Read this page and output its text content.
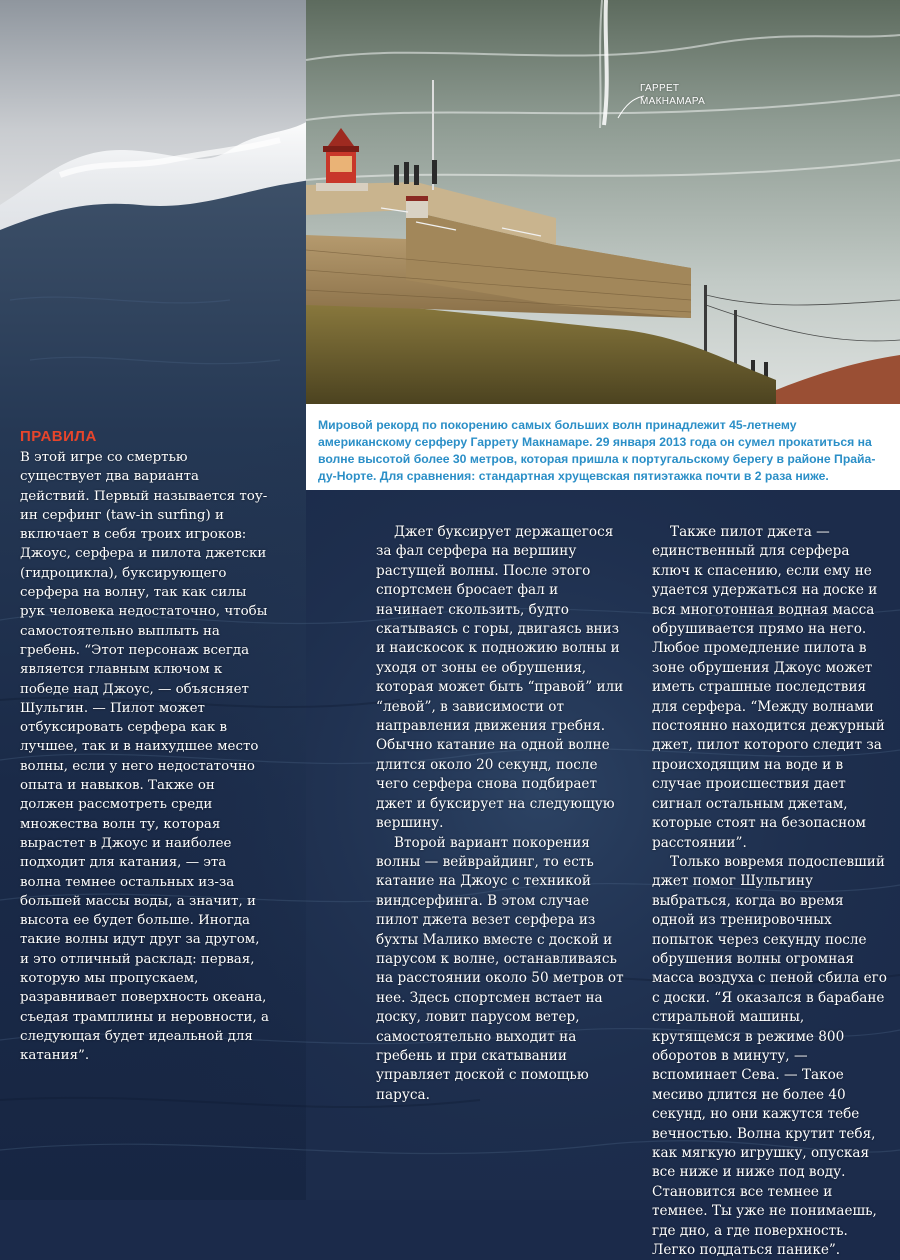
ГАРРЕТ
МАКНАМАРА

Мировой рекорд по покорению самых больших волн принадлежит 45-летнему американскому серферу Гаррету Макнамаре. 29 января 2013 года он сумел прокатиться на волне высотой более 30 метров, которая пришла к португальскому берегу в районе Прайа-ду-Норте. Для сравнения: стандартная хрущевская пятиэтажка почти в 2 раза ниже.

ПРАВИЛА

В этой игре со смертью существует два варианта действий. Первый называется тоу-ин серфинг (taw-in surfing) и включает в себя троих игроков: Джоус, серфера и пилота джетски (гидроцикла), буксирующего серфера на волну, так как силы рук человека недостаточно, чтобы самостоятельно выплыть на гребень. “Этот персонаж всегда является главным ключом к победе над Джоус, — объясняет Шульгин. — Пилот может отбуксировать серфера как в лучшее, так и в наихудшее место волны, если у него недостаточно опыта и навыков. Также он должен рассмотреть среди множества волн ту, которая вырастет в Джоус и наиболее подходит для катания, — эта волна темнее остальных из-за большей массы воды, а значит, и высота ее будет больше. Иногда такие волны идут друг за другом, и это отличный расклад: первая, которую мы пропускаем, разравнивает поверхность океана, съедая трамплины и неровности, а следующая будет идеальной для катания”.

Джет буксирует держащегося за фал серфера на вершину растущей волны. После этого спортсмен бросает фал и начинает скользить, будто скатываясь с горы, двигаясь вниз и наискосок к подножию волны и уходя от зоны ее обрушения, которая может быть “правой” или “левой”, в зависимости от направления движения гребня. Обычно катание на одной волне длится около 20 секунд, после чего серфера снова подбирает джет и буксирует на следующую вершину.

Второй вариант покорения волны — вейврайдинг, то есть катание на Джоус с техникой виндсерфинга. В этом случае пилот джета везет серфера из бухты Малико вместе с доской и парусом к волне, останавливаясь на расстоянии около 50 метров от нее. Здесь спортсмен встает на доску, ловит парусом ветер, самостоятельно выходит на гребень и при скатывании управляет доской с помощью паруса.

Также пилот джета — единственный для серфера ключ к спасению, если ему не удается удержаться на доске и вся многотонная водная масса обрушивается прямо на него. Любое промедление пилота в зоне обрушения Джоус может иметь страшные последствия для серфера. “Между волнами постоянно находится дежурный джет, пилот которого следит за происходящим на воде и в случае происшествия дает сигнал остальным джетам, которые стоят на безопасном расстоянии”.

Только вовремя подоспевший джет помог Шульгину выбраться, когда во время одной из тренировочных попыток через секунду после обрушения волны огромная масса воздуха с пеной сбила его с доски. “Я оказался в барабане стиральной машины, крутящемся в режиме 800 оборотов в минуту, — вспоминает Сева. — Такое месиво длится не более 40 секунд, но они кажутся тебе вечностью. Волна крутит тебя, как мягкую игрушку, опуская все ниже и ниже под воду. Становится все темнее и темнее. Ты уже не понимаешь, где дно, а где поверхность. Легко поддаться панике”.
